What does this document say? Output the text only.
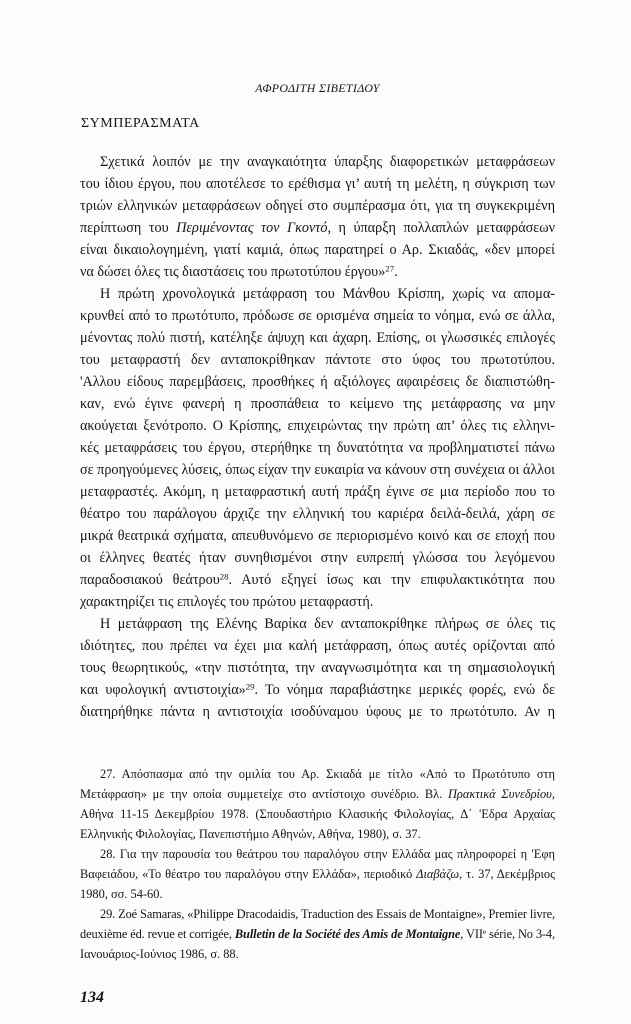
ΑΦΡΟΔΙΤΗ ΣΙΒΕΤΙΔΟΥ
ΣΥΜΠΕΡΑΣΜΑΤΑ
Σχετικά λοιπόν με την αναγκαιότητα ύπαρξης διαφορετικών μεταφράσεων
του ίδιου έργου, που αποτέλεσε το ερέθισμα γι’ αυτή τη μελέτη, η σύγκριση των
τριών ελληνικών μεταφράσεων οδηγεί στο συμπέρασμα ότι, για τη συγκεκριμένη
περίπτωση του Περιμένοντας τον Γκοντό, η ύπαρξη πολλαπλών μεταφράσεων
είναι δικαιολογημένη, γιατί καμιά, όπως παρατηρεί ο Αρ. Σκιαδάς, «δεν μπορεί
να δώσει όλες τις διαστάσεις του πρωτοτύπου έργου»$^{27}$.
Η πρώτη χρονολογικά μετάφραση του Μάνθου Κρίσπη, χωρίς να απομα-
κρυνθεί από το πρωτότυπο, πρόδωσε σε ορισμένα σημεία το νόημα, ενώ σε άλλα,
μένοντας πολύ πιστή, κατέληξε άψυχη και άχαρη. Επίσης, οι γλωσσικές επιλογές
του μεταφραστή δεν ανταποκρίθηκαν πάντοτε στο ύφος του πρωτοτύπου.
'Αλλου είδους παρεμβάσεις, προσθήκες ή αξιόλογες αφαιρέσεις δε διαπιστώθη-
καν, ενώ έγινε φανερή η προσπάθεια το κείμενο της μετάφρασης να μην
ακούγεται ξενότροπο. Ο Κρίσπης, επιχειρώντας την πρώτη απ’ όλες τις ελληνι-
κές μεταφράσεις του έργου, στερήθηκε τη δυνατότητα να προβληματιστεί πάνω
σε προηγούμενες λύσεις, όπως είχαν την ευκαιρία να κάνουν στη συνέχεια οι άλλοι
μεταφραστές. Ακόμη, η μεταφραστική αυτή πράξη έγινε σε μια περίοδο που το
θέατρο του παράλογου άρχιζε την ελληνική του καριέρα δειλά-δειλά, χάρη σε
μικρά θεατρικά σχήματα, απευθυνόμενο σε περιορισμένο κοινό και σε εποχή που
οι έλληνες θεατές ήταν συνηθισμένοι στην ευπρεπή γλώσσα του λεγόμενου
παραδοσιακού θεάτρου$^{28}$. Αυτό εξηγεί ίσως και την επιφυλακτικότητα που
χαρακτηρίζει τις επιλογές του πρώτου μεταφραστή.
Η μετάφραση της Ελένης Βαρίκα δεν ανταποκρίθηκε πλήρως σε όλες τις
ιδιότητες, που πρέπει να έχει μια καλή μετάφραση, όπως αυτές ορίζονται από
τους θεωρητικούς, «την πιστότητα, την αναγνωσιμότητα και τη σημασιολογική
και υφολογική αντιστοιχία»$^{29}$. Το νόημα παραβιάστηκε μερικές φορές, ενώ δε
διατηρήθηκε πάντα η αντιστοιχία ισοδύναμου ύφους με το πρωτότυπο. Αν η
27. Απόσπασμα από την ομιλία του Αρ. Σκιαδά με τίτλο «Από το Πρωτότυπο στη
Μετάφραση» με την οποία συμμετείχε στο αντίστοιχο συνέδριο. Βλ. Πρακτικά Συνεδρίου,
Αθήνα 11-15 Δεκεμβρίου 1978. (Σπουδαστήριο Κλασικής Φιλολογίας, Δ΄ 'Εδρα Αρχαίας
Ελληνικής Φιλολογίας, Πανεπιστήμιο Αθηνών, Αθήνα, 1980), σ. 37.
28. Για την παρουσία του θεάτρου του παραλόγου στην Ελλάδα μας πληροφορεί η 'Εφη
Βαφειάδου, «Το θέατρο του παραλόγου στην Ελλάδα», περιοδικό Διαβάζω, τ. 37, Δεκέμβριος
1980, σσ. 54-60.
29. Zoé Samaras, «Philippe Dracodaidis, Traduction des Essais de Montaigne», Premier livre,
deuxième éd. revue et corrigée, Bulletin de la Société des Amis de Montaigne, VIIe série, No 3-4,
Ιανουάριος-Ιούνιος 1986, σ. 88.
134
